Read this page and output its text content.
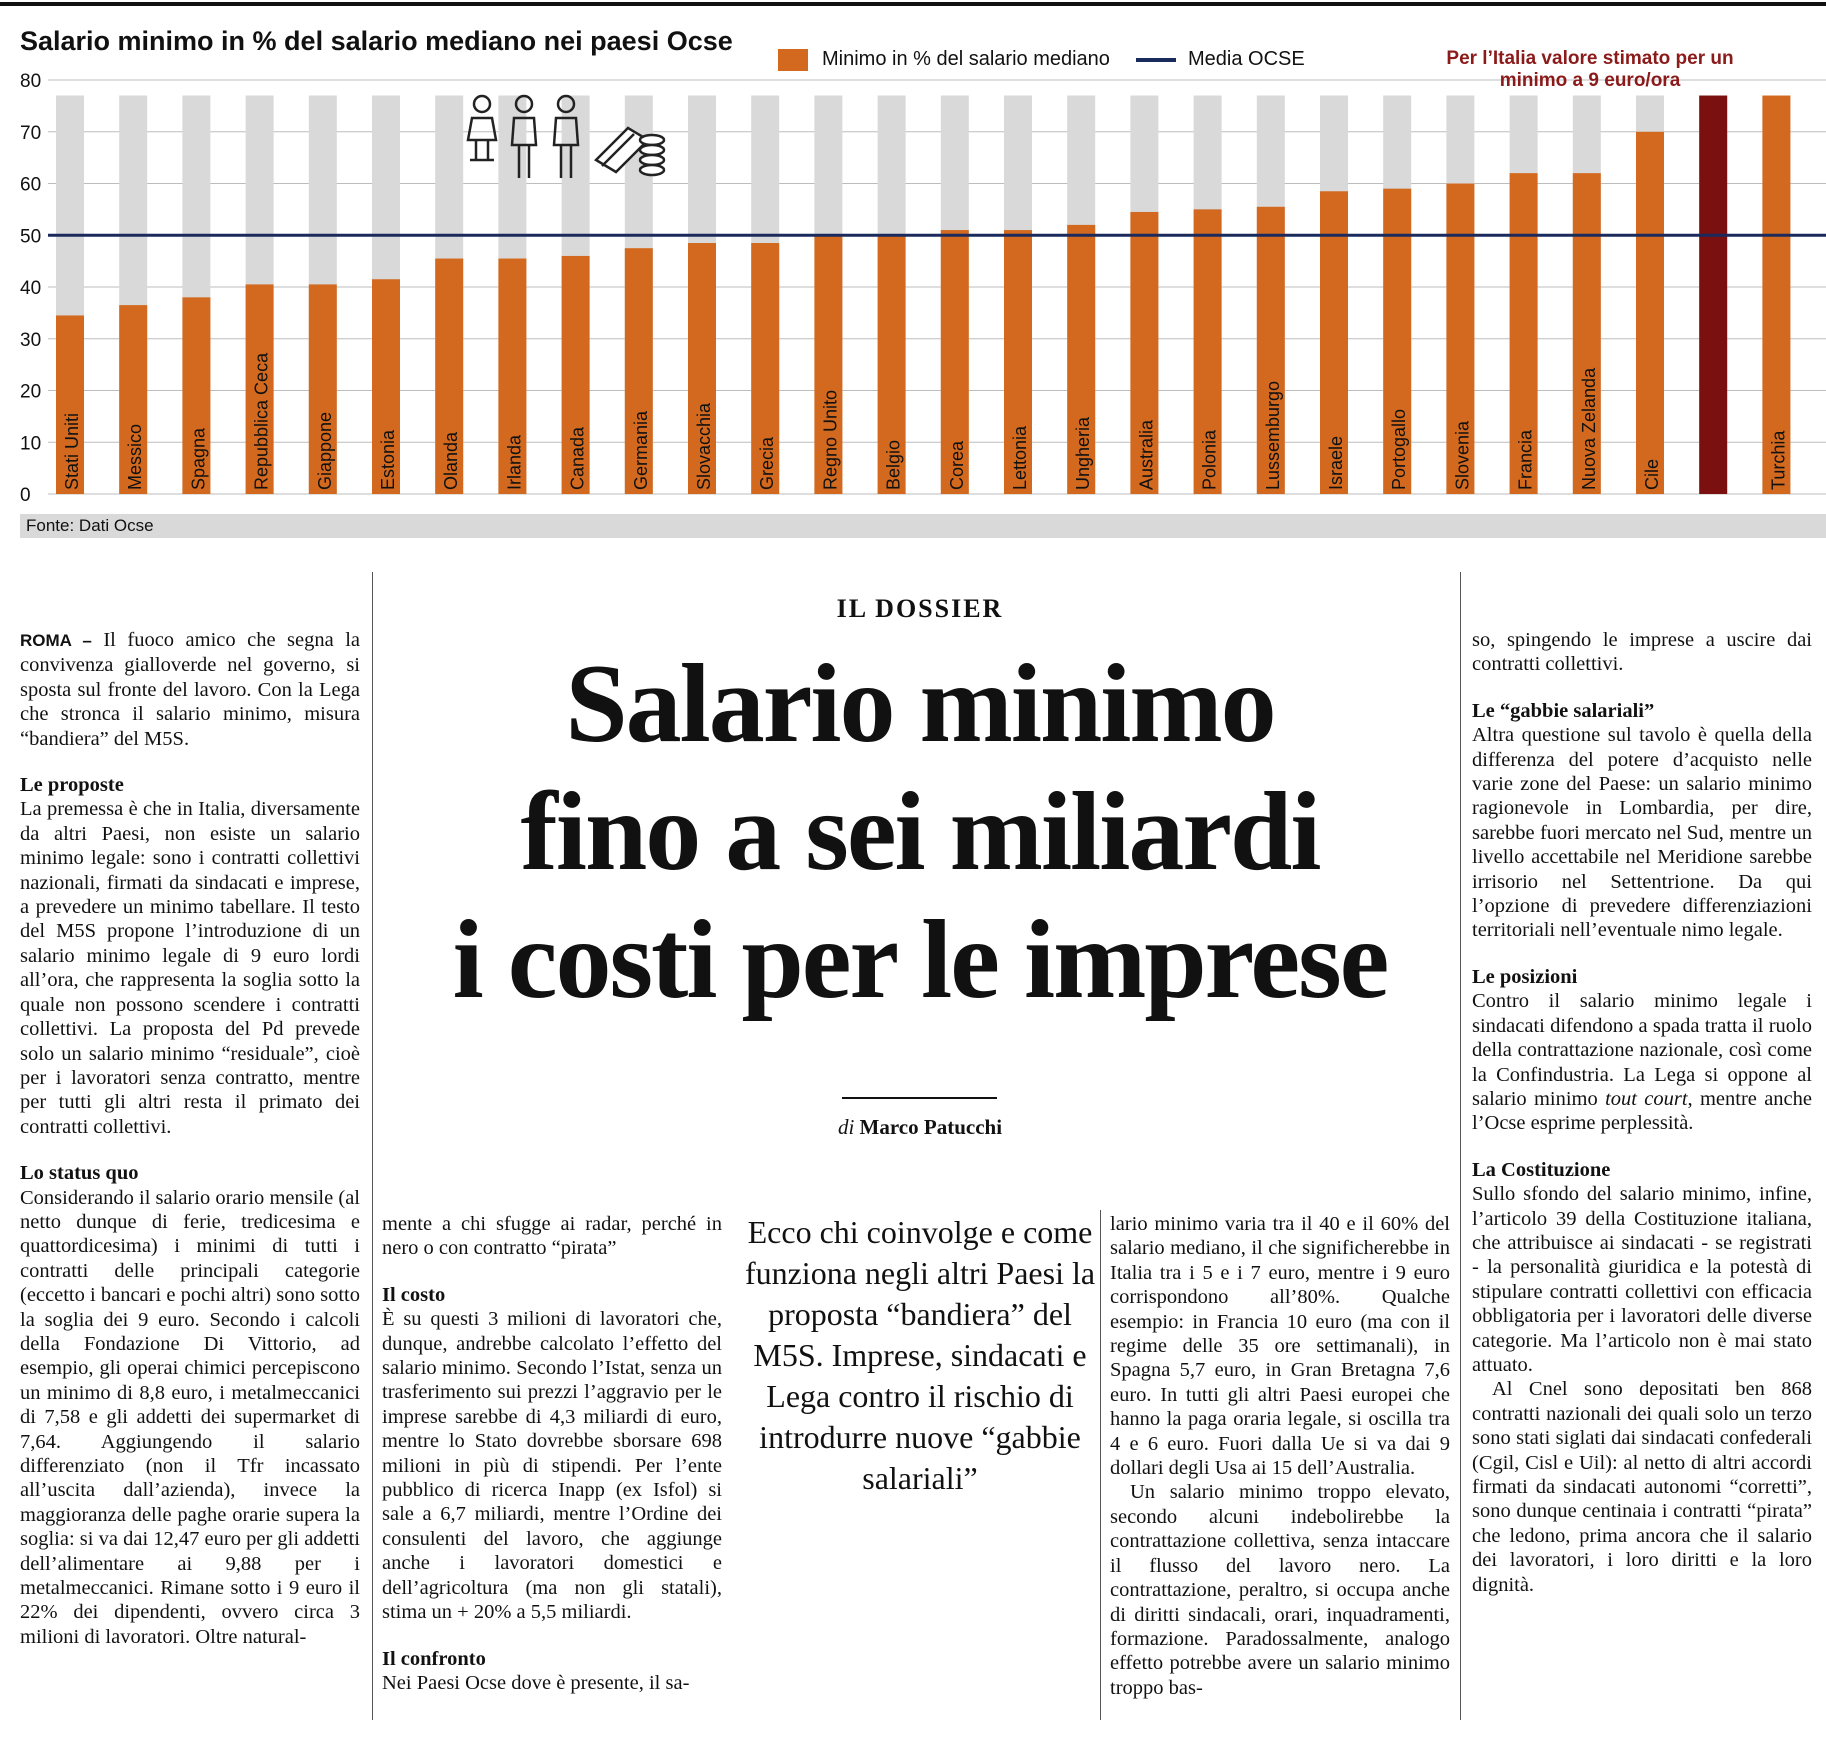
0
10
20
30
40
50
60
70
80
Stati Uniti Messico Spagna Repubblica Ceca Giappone Estonia Olanda Irlanda Canada Germania Slovacchia Grecia Regno Unito Belgio Corea Lettonia Ungheria Australia Polonia Lussemburgo Israele Portogallo Slovenia Francia Nuova Zelanda Cile Italia a 9 euro* Turchia
Salario minimo in % del salario mediano nei paesi Ocse
Minimo in % del salario mediano	Media OCSE	Per l’Italia valore stimato per un minimo a 9 euro/ora
Fonte: Dati Ocse

ROMA – Il fuoco amico che segna la convivenza gialloverde nel governo, si sposta sul fronte del lavoro. Con la Lega che stronca il salario minimo, misura “bandiera” del M5S.

Le proposte

La premessa è che in Italia, diversamente da altri Paesi, non esiste un salario minimo legale: sono i contratti collettivi nazionali, firmati da sindacati e imprese, a prevedere un minimo tabellare. Il testo del M5S propone l’introduzione di un salario minimo legale di 9 euro lordi all’ora, che rappresenta la soglia sotto la quale non possono scendere i contratti collettivi. La proposta del Pd prevede solo un salario minimo “residuale”, cioè per i lavoratori senza contratto, mentre per tutti gli altri resta il primato dei contratti collettivi.

Lo status quo

Considerando il salario orario mensile (al netto dunque di ferie, tredicesima e quattordicesima) i minimi di tutti i contratti delle principali categorie (eccetto i bancari e pochi altri) sono sotto la soglia dei 9 euro. Secondo i calcoli della Fondazione Di Vittorio, ad esempio, gli operai chimici percepiscono un minimo di 8,8 euro, i metalmeccanici di 7,58 e gli addetti dei supermarket di 7,64. Aggiungendo il salario differenziato (non il Tfr incassato all’uscita dall’azienda), invece la maggioranza delle paghe orarie supera la soglia: si va dai 12,47 euro per gli addetti dell’alimentare ai 9,88 per i metalmeccanici. Rimane sotto i 9 euro il 22% dei dipendenti, ovvero circa 3 milioni di lavoratori. Oltre natural-

IL DOSSIER
Salario minimo
fino a sei miliardi
i costi per le imprese
di Marco Patucchi

mente a chi sfugge ai radar, perché in nero o con contratto “pirata”

Il costo

È su questi 3 milioni di lavoratori che, dunque, andrebbe calcolato l’effetto del salario minimo. Secondo l’Istat, senza un trasferimento sui prezzi l’aggravio per le imprese sarebbe di 4,3 miliardi di euro, mentre lo Stato dovrebbe sborsare 698 milioni in più di stipendi. Per l’ente pubblico di ricerca Inapp (ex Isfol) si sale a 6,7 miliardi, mentre l’Ordine dei consulenti del lavoro, che aggiunge anche i lavoratori domestici e dell’agricoltura (ma non gli statali), stima un + 20% a 5,5 miliardi.

Il confronto

Nei Paesi Ocse dove è presente, il sa-

Ecco chi coinvolge e come funziona negli altri Paesi la proposta “bandiera” del M5S. Imprese, sindacati e Lega contro il rischio di introdurre nuove “gabbie salariali”

lario minimo varia tra il 40 e il 60% del salario mediano, il che significherebbe in Italia tra i 5 e i 7 euro, mentre i 9 euro corrispondono all’80%. Qualche esempio: in Francia 10 euro (ma con il regime delle 35 ore settimanali), in Spagna 5,7 euro, in Gran Bretagna 7,6 euro. In tutti gli altri Paesi europei che hanno la paga oraria legale, si oscilla tra 4 e 6 euro. Fuori dalla Ue si va dai 9 dollari degli Usa ai 15 dell’Australia.

Un salario minimo troppo elevato, secondo alcuni indebolirebbe la contrattazione collettiva, senza intaccare il flusso del lavoro nero. La contrattazione, peraltro, si occupa anche di diritti sindacali, orari, inquadramenti, formazione. Paradossalmente, analogo effetto potrebbe avere un salario minimo troppo bas-

so, spingendo le imprese a uscire dai contratti collettivi.

Le “gabbie salariali”

Altra questione sul tavolo è quella della differenza del potere d’acquisto nelle varie zone del Paese: un salario minimo ragionevole in Lombardia, per dire, sarebbe fuori mercato nel Sud, mentre un livello accettabile nel Meridione sarebbe irrisorio nel Settentrione. Da qui l’opzione di prevedere differenziazioni territoriali nell’eventuale nimo legale.

Le posizioni

Contro il salario minimo legale i sindacati difendono a spada tratta il ruolo della contrattazione nazionale, così come la Confindustria. La Lega si oppone al salario minimo tout court, mentre anche l’Ocse esprime perplessità.

La Costituzione

Sullo sfondo del salario minimo, infine, l’articolo 39 della Costituzione italiana, che attribuisce ai sindacati - se registrati - la personalità giuridica e la potestà di stipulare contratti collettivi con efficacia obbligatoria per i lavoratori delle diverse categorie. Ma l’articolo non è mai stato attuato.

Al Cnel sono depositati ben 868 contratti nazionali dei quali solo un terzo sono stati siglati dai sindacati confederali (Cgil, Cisl e Uil): al netto di altri accordi firmati da sindacati autonomi “corretti”, sono dunque centinaia i contratti “pirata” che ledono, prima ancora che il salario dei lavoratori, i loro diritti e la loro dignità.
